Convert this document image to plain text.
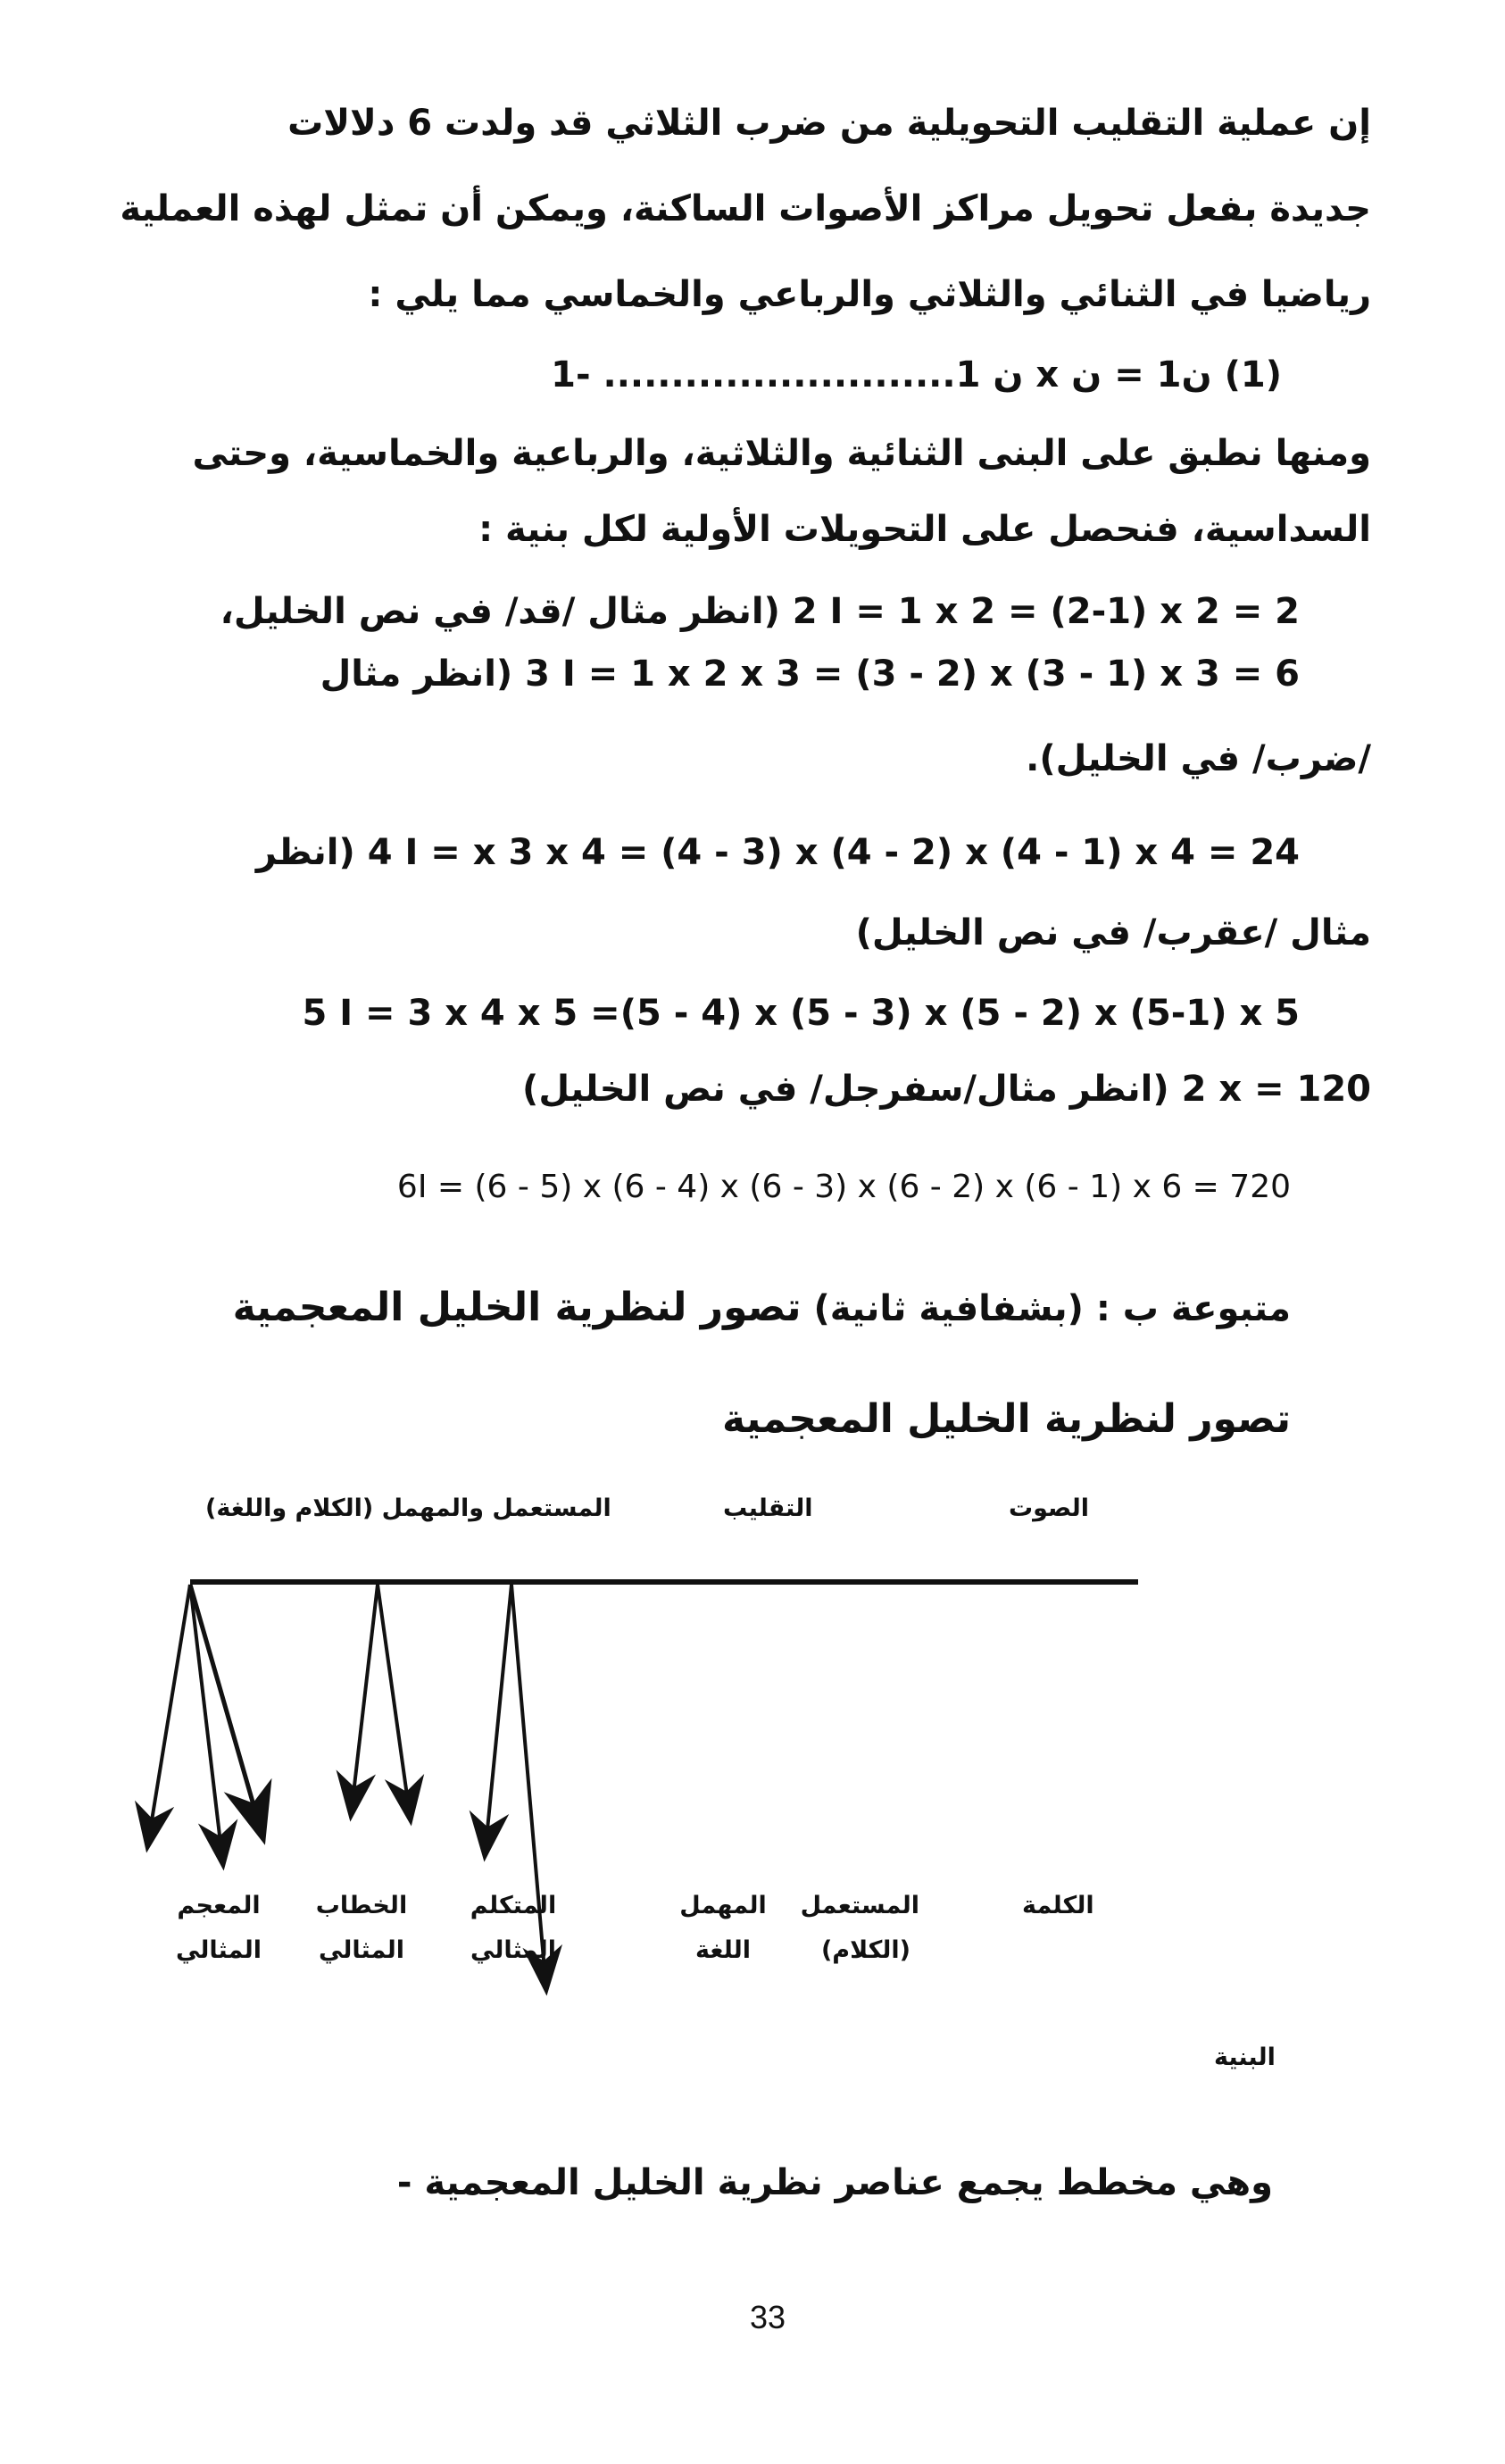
إن عملية التقليب التحويلية من ضرب الثلاثي قد ولدت 6 دلالات
جديدة بفعل تحويل مراكز الأصوات الساكنة، ويمكن أن تمثل لهذه العملية
رياضيا في الثنائي والثلاثي والرباعي والخماسي مما يلي :
(1) ن1 = ن x ن 1.......................... -1
ومنها نطبق على البنى الثنائية والثلاثية، والرباعية والخماسية، وحتى
السداسية، فنحصل على التحويلات الأولية لكل بنية :
2 I = 1 x 2 = (2-1) x 2 = 2 (انظر مثال /قد/ في نص الخليل،
3 I = 1 x 2 x 3 = (3 - 2) x (3 - 1) x 3 = 6 (انظر مثال
/ضرب/ في الخليل).
4 I = x 3 x 4 = (4 - 3) x (4 - 2) x (4 - 1) x 4 = 24 (انظر
مثال /عقرب/ في نص الخليل)
5 I = 3 x 4 x 5 =(5 - 4) x (5 - 3) x (5 - 2) x (5-1) x 5
2 x = 120 (انظر مثال/سفرجل/ في نص الخليل)
6I = (6 - 5) x (6 - 4) x (6 - 3) x (6 - 2) x (6 - 1) x 6 = 720
متبوعة ب : (بشفافية ثانية) تصور لنظرية الخليل المعجمية
تصور لنظرية الخليل المعجمية
الصوت
التقليب
المستعمل والمهمل (الكلام واللغة)
الكلمة
البنية
المستعمل
(الكلام)
المهمل
اللغة
المتكلم
المثالي
الخطاب
المثالي
المعجم
المثالي
وهي مخطط يجمع عناصر نظرية الخليل المعجمية -
33
